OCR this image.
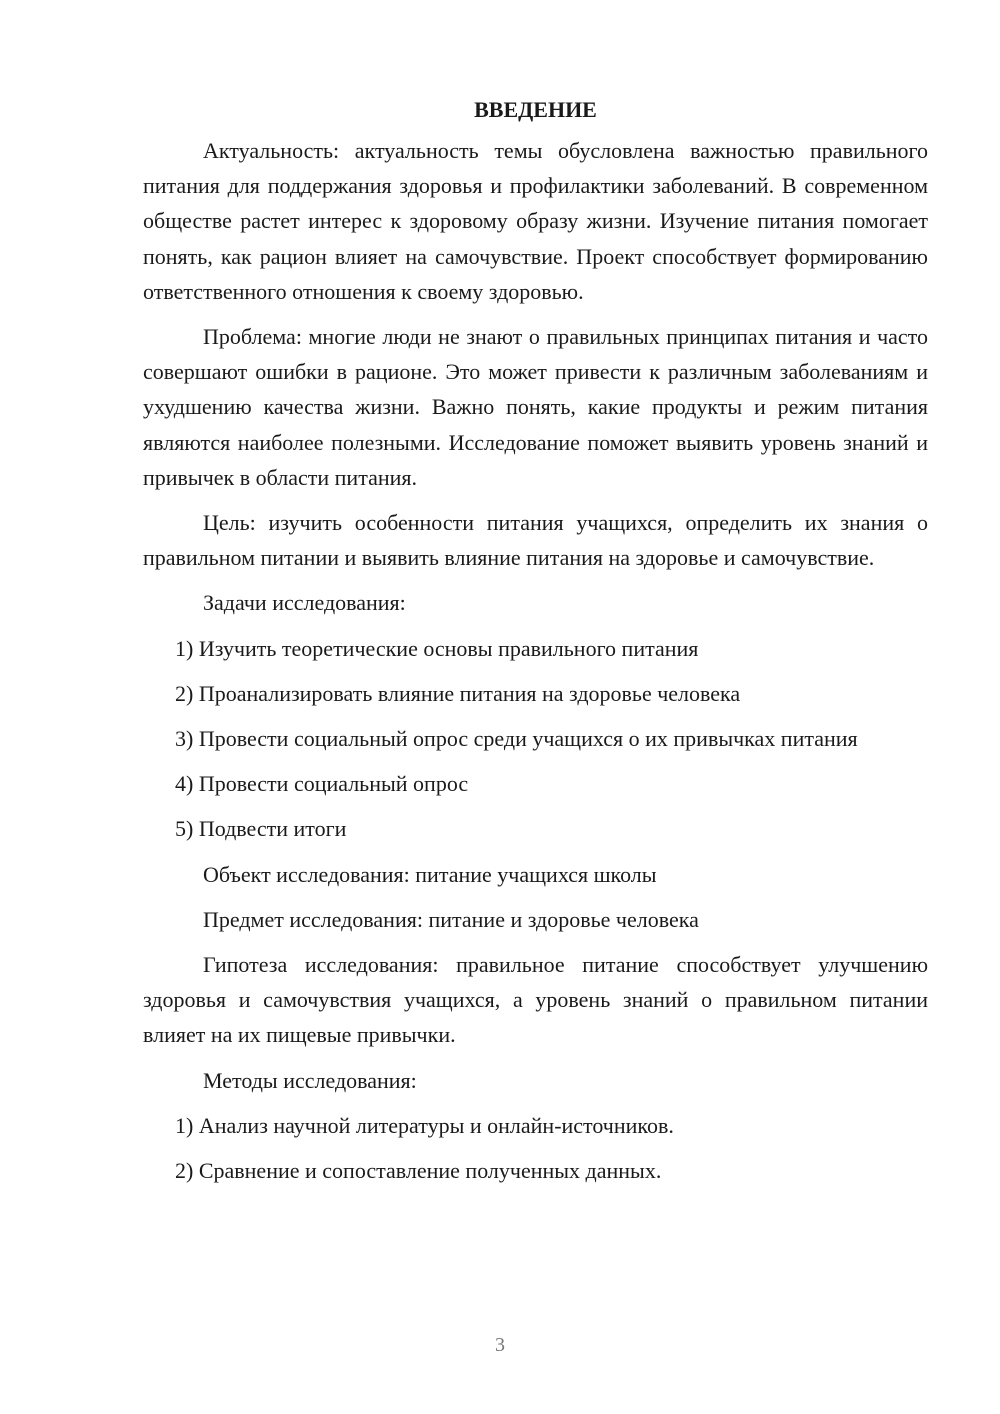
ВВЕДЕНИЕ
Актуальность: актуальность темы обусловлена важностью правильного питания для поддержания здоровья и профилактики заболеваний. В современном обществе растет интерес к здоровому образу жизни. Изучение питания помогает понять, как рацион влияет на самочувствие. Проект способствует формированию ответственного отношения к своему здоровью.
Проблема: многие люди не знают о правильных принципах питания и часто совершают ошибки в рационе. Это может привести к различным заболеваниям и ухудшению качества жизни. Важно понять, какие продукты и режим питания являются наиболее полезными. Исследование поможет выявить уровень знаний и привычек в области питания.
Цель: изучить особенности питания учащихся, определить их знания о правильном питании и выявить влияние питания на здоровье и самочувствие.
Задачи исследования:
1) Изучить теоретические основы правильного питания
2) Проанализировать влияние питания на здоровье человека
3) Провести социальный опрос среди учащихся о их привычках питания
4) Провести социальный опрос
5) Подвести итоги
Объект исследования: питание учащихся школы
Предмет исследования: питание и здоровье человека
Гипотеза исследования: правильное питание способствует улучшению здоровья и самочувствия учащихся, а уровень знаний о правильном питании влияет на их пищевые привычки.
Методы исследования:
1) Анализ научной литературы и онлайн-источников.
2) Сравнение и сопоставление полученных данных.
3
